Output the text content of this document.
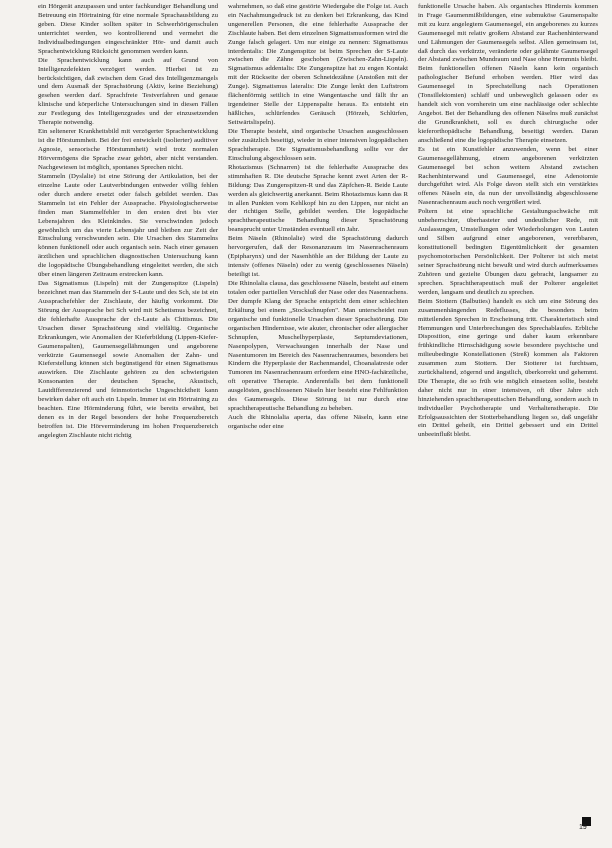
ein Hörgerät anzupassen und unter fachkundiger Behandlung und Betreuung ein Hörtraining für eine normale Sprachausbildung zu geben. Diese Kinder sollten später in Schwerhörigenschulen unterrichtet werden, wo kontrollierend und vermehrt die Individualbedingungen eingeschränkter Hör- und damit auch Sprachentwicklung Rücksicht genommen werden kann.

Die Sprachentwicklung kann auch auf Grund von Intelligenzdefekten verzögert werden. Hierbei ist zu berücksichtigen, daß zwischen dem Grad des Intelligenzmangels und dem Ausmaß der Sprachstörung (Aktiv, keine Beziehung) gesehen werden darf. Sprachfreie Testverfahren und genaue klinische und körperliche Untersuchungen sind in diesen Fällen zur Festlegung des Intelligenzgrades und der einzusetzenden Therapie notwendig.

Ein seltenerer Krankheitsbild mit verzögerter Sprachentwicklung ist die Hörstummheit. Bei der frei entwickelt (isolierter) auditiver Agnosie, sensorische Hörstummheit) wird trotz normalen Hörvermögens die Sprache zwar gehört, aber nicht verstanden. Nachgewiesen ist möglich, spontanes Sprechen nicht.

Stammeln (Dyslalie) ist eine Störung der Artikulation, bei der einzelne Laute oder Lautverbindungen entweder völlig fehlen oder durch andere ersetzt oder falsch gebildet werden. Das Stammeln ist ein Fehler der Aussprache. Physiologischerweise finden man Stammelfehler in den ersten drei bis vier Lebensjahren des Kleinkindes. Sie verschwinden jedoch gewöhnlich um das vierte Lebensjahr und bleiben zur Zeit der Einschulung verschwunden sein. Die Ursachen des Stammelns können funktionell oder auch organisch sein. Nach einer genauen ärztlichen und sprachlichen diagnostischen Untersuchung kann die logopädische Übungsbehandlung eingeleitet werden, die sich über einen längeren Zeitraum erstrecken kann.

Das Sigmatismus (Lispeln) mit der Zungenspitze (Lispeln) bezeichnet man das Stammeln der S-Laute und des Sch, sie ist ein Aussprachefehler der Zischlaute, der häufig vorkommt. Die Störung der Aussprache bei Sch wird mit Schetismus bezeichnet, die fehlerhafte Aussprache der ch-Laute als Chitismus. Die Ursachen dieser Sprachstörung sind vielfältig. Organische Erkrankungen, wie Anomalien der Kieferbildung (Lippen-Kiefer-Gaumenspalten), Gaumensegellähmungen und angeborene verkürzte Gaumensegel sowie Anomalien der Zahn- und Kieferstellung können sich begünstigend für einen Sigmatismus auswirken. Die Zischlaute gehören zu den schwierigsten Konsonanten der deutschen Sprache, Akustisch, Lautdifferenzierend und feinmotorische Ungeschicktheit kann bewirken daher oft auch ein Lispeln. Immer ist ein Hörtraining zu beachten. Eine Hörminderung führt, wie bereits erwähnt, bei denen es in der Regel besonders der hohe Frequenzbereich betroffen ist. Die Hörverminderung im hohen Frequenzbereich angelegten Zischlaute nicht richtig

wahrnehmen, so daß eine gestörte Wiedergabe die Folge ist. Auch ein Nachahmungsdruck ist zu denken bei Erkrankung, das Kind ungenerellen Personen, die eine fehlerhafte Aussprache der Zischlaute haben. Bei dem einzelnen Sigmatismusformen wird die Zunge falsch gelagert. Um nur einige zu nennen: Sigmatismus interdentalis: Die Zungenspitze ist beim Sprechen der S-Laute zwischen die Zähne geschoben (Zwischen-Zahn-Lispeln). Sigmatismus addentalis: Die Zungenspitze hat zu engen Kontakt mit der Rückseite der oberen Schneidezähne (Anstoßen mit der Zunge). Sigmatismus lateralis: Die Zunge lenkt den Luftstrom flächenförmig seitlich in eine Wangentasche und fällt ihr an irgendeiner Stelle der Lippenspalte heraus. Es entsteht ein häßliches, schlürfendes Geräusch (Hörzeh, Schlürfen, Seitwärtslispeln).

Die Therapie besteht, sind organische Ursachen ausgeschlossen oder zusätzlich beseitigt, wieder in einer intensiven logopädischen Sprachtherapie. Die Sigmatismusbehandlung sollte vor der Einschulung abgeschlossen sein.

Rhotazismus (Schnarren) ist die fehlerhafte Aussprache des stimmhaften R. Die deutsche Sprache kennt zwei Arten der R-Bildung: Das Zungenspitzen-R und das Zäpfchen-R. Beide Laute werden als gleichwertig anerkannt. Beim Rhotazismus kann das R in allen Punkten vom Kehlkopf hin zu den Lippen, nur nicht an der richtigen Stelle, gebildet werden. Die logopädische sprachtherapeutische Behandlung dieser Sprachstörung beansprucht unter Umständen eventuell ein Jahr.

Beim Näseln (Rhinolalie) wird die Sprachstörung dadurch hervorgerufen, daß der Resonanzraum im Nasenrachenraum (Epipharynx) und der Nasenhöhle an der Bildung der Laute zu intensiv (offenes Näseln) oder zu wenig (geschlossenes Näseln) beteiligt ist.

Die Rhinolalia clausa, das geschlossene Näseln, besteht auf einem totalen oder partiellen Verschluß der Nase oder des Nasenrachens. Der dumpfe Klang der Sprache entspricht dem einer schlechten Erkältung bei einem „Stockschnupfen". Man unterscheidet nun organische und funktionelle Ursachen dieser Sprachstörung. Die organischen Hindernisse, wie akuter, chronischer oder allergischer Schnupfen, Muschelhyperplasie, Septumdeviationen, Nasenpolypen, Verwachsungen innerhalb der Nase und Nasentumoren im Bereich des Nasenrachenraumes, besonders bei Kindern die Hyperplasie der Rachenmandel, Choanalatresie oder Tumoren im Nasenrachenraum erfordern eine HNO-fachärztliche, oft operative Therapie. Anderenfalls bei dem funktionell ausgelösten, geschlossenen Näseln hier besteht eine Fehlfunktion des Gaumensegels. Diese Störung ist nur durch eine sprachtherapeutische Behandlung zu beheben.

Auch die Rhinolalia aperta, das offene Näseln, kann eine organische oder eine

funktionelle Ursache haben. Als organisches Hindernis kommen in Frage Gaumenmißbildungen, eine submuköse Gaumenspalte mit zu kurz angelegtem Gaumensegel, ein angeborenes zu kurzes Gaumensegel mit relativ großem Abstand zur Rachenhinterwand und Lähmungen der Gaumensegels selbst. Allen gemeinsam ist, daß durch das verkürzte, veränderte oder gelähmte Gaumensegel der Abstand zwischen Mundraum und Nase ohne Hemmnis bleibt. Beim funktionellen offenen Näseln kann kein organisch pathologischer Befund erhoben werden. Hier wird das Gaumensegel in Sprechstellung nach Operationen (Tonsillektomien) schlaff und unbeweglich gelassen oder es handelt sich von vornherein um eine nachlässige oder schlechte Angebot. Bei der Behandlung des offenen Näselns muß zunächst die Grundkrankheit, soll es durch chirurgische oder kieferorthopädische Behandlung, beseitigt werden. Daran anschließend eine die logopädische Therapie einsetzen.

Es ist ein Kunstfehler anzuwenden, wenn bei einer Gaumensegellähmung, einem angeborenen verkürzten Gaumensegel bei schon weitem Abstand zwischen Rachenhinterwand und Gaumensegel, eine Adenotomie durchgeführt wird. Als Folge davon stellt sich ein verstärktes offenes Näseln ein, da nun der unvollständig abgeschlossene Nasenrachenraum auch noch vergrößert wird.

Poltern ist eine sprachliche Gestaltungsschwäche mit unbeherrschter, überhasteter und undeutlicher Rede, mit Auslassungen, Umstellungen oder Wiederholungen von Lauten und Silben aufgrund einer angeborenen, vererbbaren, konstitutionell bedingten Eigentümlichkeit der gesamten psychomotorischen Persönlichkeit. Der Polterer ist sich meist seiner Sprachstörung nicht bewußt und wird durch aufmerksames Zuhören und gezielte Übungen dazu gebracht, langsamer zu sprechen. Sprachtherapeutisch muß der Polterer angeleitet werden, langsam und deutlich zu sprechen.

Beim Stottern (Balbuties) handelt es sich um eine Störung des zusammenhängenden Redeflusses, die besonders beim mitteilenden Sprechen in Erscheinung tritt. Charakteristisch sind Hemmungen und Unterbrechungen des Sprechablaufes. Erbliche Disposition, eine geringe und daher kaum erkennbare frühkindliche Hirnschädigung sowie besondere psychische und milieubedingte Konstellationen (Streß) kommen als Faktoren zusammen zum Stottern. Der Stotterer ist furchtsam, zurückhaltend, zögernd und ängstlich, überkorrekt und gehemmt. Die Therapie, die so früh wie möglich einsetzen sollte, besteht daher nicht nur in einer intensiven, oft über Jahre sich hinziehenden sprachtherapeutischen Behandlung, sondern auch in individueller Psychotherapie und Verhaltenstherapie. Die Erfolgsaussichten der Stotterbehandlung liegen so, daß ungefähr ein Drittel geheilt, ein Drittel gebessert und ein Drittel unbeeinflußt bleibt.

19
